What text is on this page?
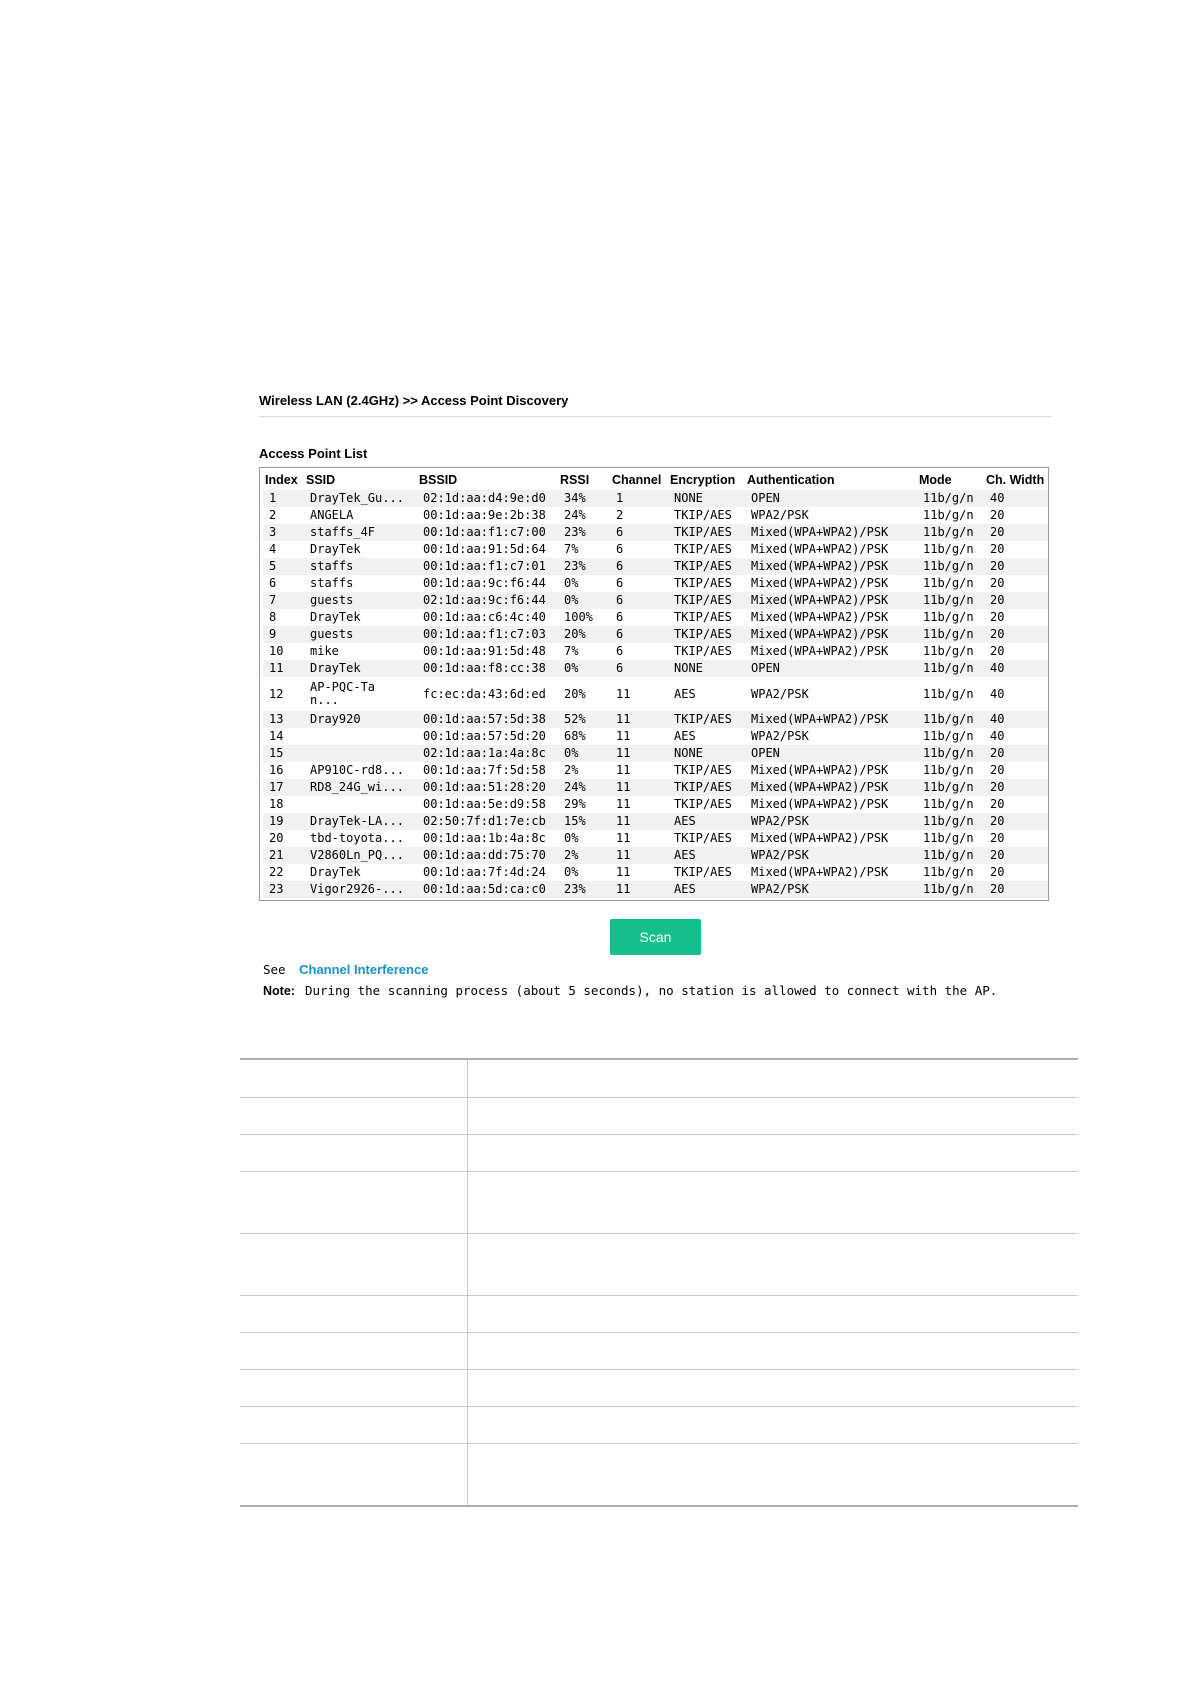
Wireless LAN (2.4GHz) >> Access Point Discovery
Access Point List
Index	SSID	BSSID	RSSI	Channel	Encryption	Authentication	Mode	Ch. Width
1	DrayTek_Gu...	02:1d:aa:d4:9e:d0	34%	1	NONE	OPEN	11b/g/n	40
2	ANGELA	00:1d:aa:9e:2b:38	24%	2	TKIP/AES	WPA2/PSK	11b/g/n	20
3	staffs_4F	00:1d:aa:f1:c7:00	23%	6	TKIP/AES	Mixed(WPA+WPA2)/PSK	11b/g/n	20
4	DrayTek	00:1d:aa:91:5d:64	7%	6	TKIP/AES	Mixed(WPA+WPA2)/PSK	11b/g/n	20
5	staffs	00:1d:aa:f1:c7:01	23%	6	TKIP/AES	Mixed(WPA+WPA2)/PSK	11b/g/n	20
6	staffs	00:1d:aa:9c:f6:44	0%	6	TKIP/AES	Mixed(WPA+WPA2)/PSK	11b/g/n	20
7	guests	02:1d:aa:9c:f6:44	0%	6	TKIP/AES	Mixed(WPA+WPA2)/PSK	11b/g/n	20
8	DrayTek	00:1d:aa:c6:4c:40	100%	6	TKIP/AES	Mixed(WPA+WPA2)/PSK	11b/g/n	20
9	guests	00:1d:aa:f1:c7:03	20%	6	TKIP/AES	Mixed(WPA+WPA2)/PSK	11b/g/n	20
10	mike	00:1d:aa:91:5d:48	7%	6	TKIP/AES	Mixed(WPA+WPA2)/PSK	11b/g/n	20
11	DrayTek	00:1d:aa:f8:cc:38	0%	6	NONE	OPEN	11b/g/n	40
12	AP-PQC-Tan...	fc:ec:da:43:6d:ed	20%	11	AES	WPA2/PSK	11b/g/n	40
13	Dray920	00:1d:aa:57:5d:38	52%	11	TKIP/AES	Mixed(WPA+WPA2)/PSK	11b/g/n	40
14		00:1d:aa:57:5d:20	68%	11	AES	WPA2/PSK	11b/g/n	40
15		02:1d:aa:1a:4a:8c	0%	11	NONE	OPEN	11b/g/n	20
16	AP910C-rd8...	00:1d:aa:7f:5d:58	2%	11	TKIP/AES	Mixed(WPA+WPA2)/PSK	11b/g/n	20
17	RD8_24G_wi...	00:1d:aa:51:28:20	24%	11	TKIP/AES	Mixed(WPA+WPA2)/PSK	11b/g/n	20
18		00:1d:aa:5e:d9:58	29%	11	TKIP/AES	Mixed(WPA+WPA2)/PSK	11b/g/n	20
19	DrayTek-LA...	02:50:7f:d1:7e:cb	15%	11	AES	WPA2/PSK	11b/g/n	20
20	tbd-toyota...	00:1d:aa:1b:4a:8c	0%	11	TKIP/AES	Mixed(WPA+WPA2)/PSK	11b/g/n	20
21	V2860Ln_PQ...	00:1d:aa:dd:75:70	2%	11	AES	WPA2/PSK	11b/g/n	20
22	DrayTek	00:1d:aa:7f:4d:24	0%	11	TKIP/AES	Mixed(WPA+WPA2)/PSK	11b/g/n	20
23	Vigor2926-...	00:1d:aa:5d:ca:c0	23%	11	AES	WPA2/PSK	11b/g/n	20
Scan
See Channel Interference
Note: During the scanning process (about 5 seconds), no station is allowed to connect with the AP.
